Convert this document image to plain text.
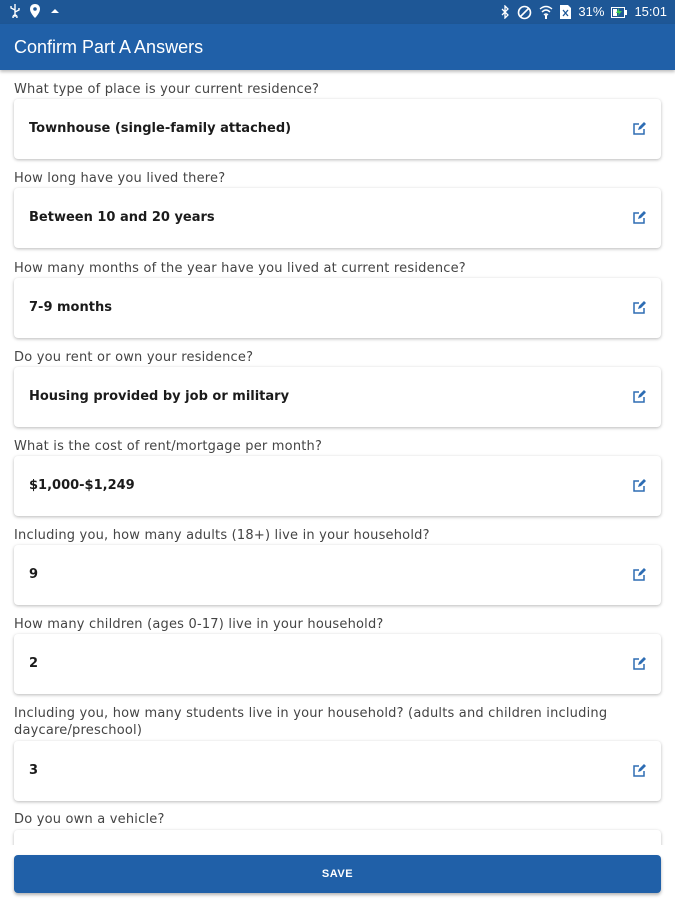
31% 15:01
Confirm Part A Answers
What type of place is your current residence?
Townhouse (single-family attached)
How long have you lived there?
Between 10 and 20 years
How many months of the year have you lived at current residence?
7-9 months
Do you rent or own your residence?
Housing provided by job or military
What is the cost of rent/mortgage per month?
$1,000-$1,249
Including you, how many adults (18+) live in your household?
9
How many children (ages 0-17) live in your household?
2
Including you, how many students live in your household? (adults and children including daycare/preschool)
3
Do you own a vehicle?
SAVE
